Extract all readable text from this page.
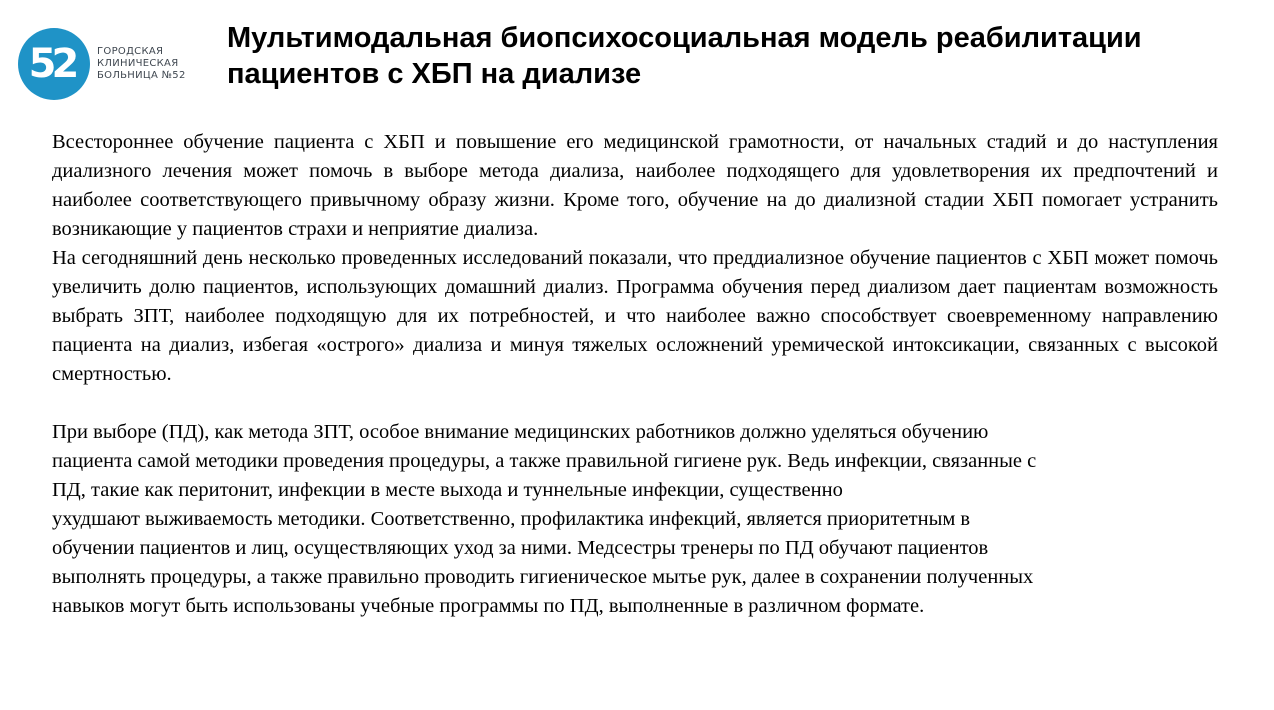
52	ГОРОДСКАЯ
КЛИНИЧЕСКАЯ
БОЛЬНИЦА №52
Мультимодальная биопсихосоциальная модель реабилитации
пациентов с ХБП на диализе

Всестороннее обучение пациента с ХБП и повышение его медицинской грамотности, от начальных стадий и до наступления диализного лечения может помочь в выборе метода диализа, наиболее подходящего для удовлетворения их предпочтений и наиболее соответствующего привычному образу жизни. Кроме того, обучение на до диализной стадии ХБП помогает устранить возникающие у пациентов страхи и неприятие диализа.

На сегодняшний день несколько проведенных исследований показали, что преддиализное обучение пациентов с ХБП может помочь увеличить долю пациентов, использующих домашний диализ. Программа обучения перед диализом дает пациентам возможность выбрать ЗПТ, наиболее подходящую для их потребностей, и что наиболее важно способствует своевременному направлению пациента на диализ, избегая «острого» диализа и минуя тяжелых осложнений уремической интоксикации, связанных с высокой смертностью.

При выборе (ПД), как метода ЗПТ, особое внимание медицинских работников должно уделяться обучению
пациента самой методики проведения процедуры, а также правильной гигиене рук. Ведь инфекции, связанные с
ПД, такие как перитонит, инфекции в месте выхода и туннельные инфекции, существенно
ухудшают выживаемость методики. Соответственно, профилактика инфекций, является приоритетным в
обучении пациентов и лиц, осуществляющих уход за ними. Медсестры тренеры по ПД обучают пациентов
выполнять процедуры, а также правильно проводить гигиеническое мытье рук, далее в сохранении полученных
навыков могут быть использованы учебные программы по ПД, выполненные в различном формате.
